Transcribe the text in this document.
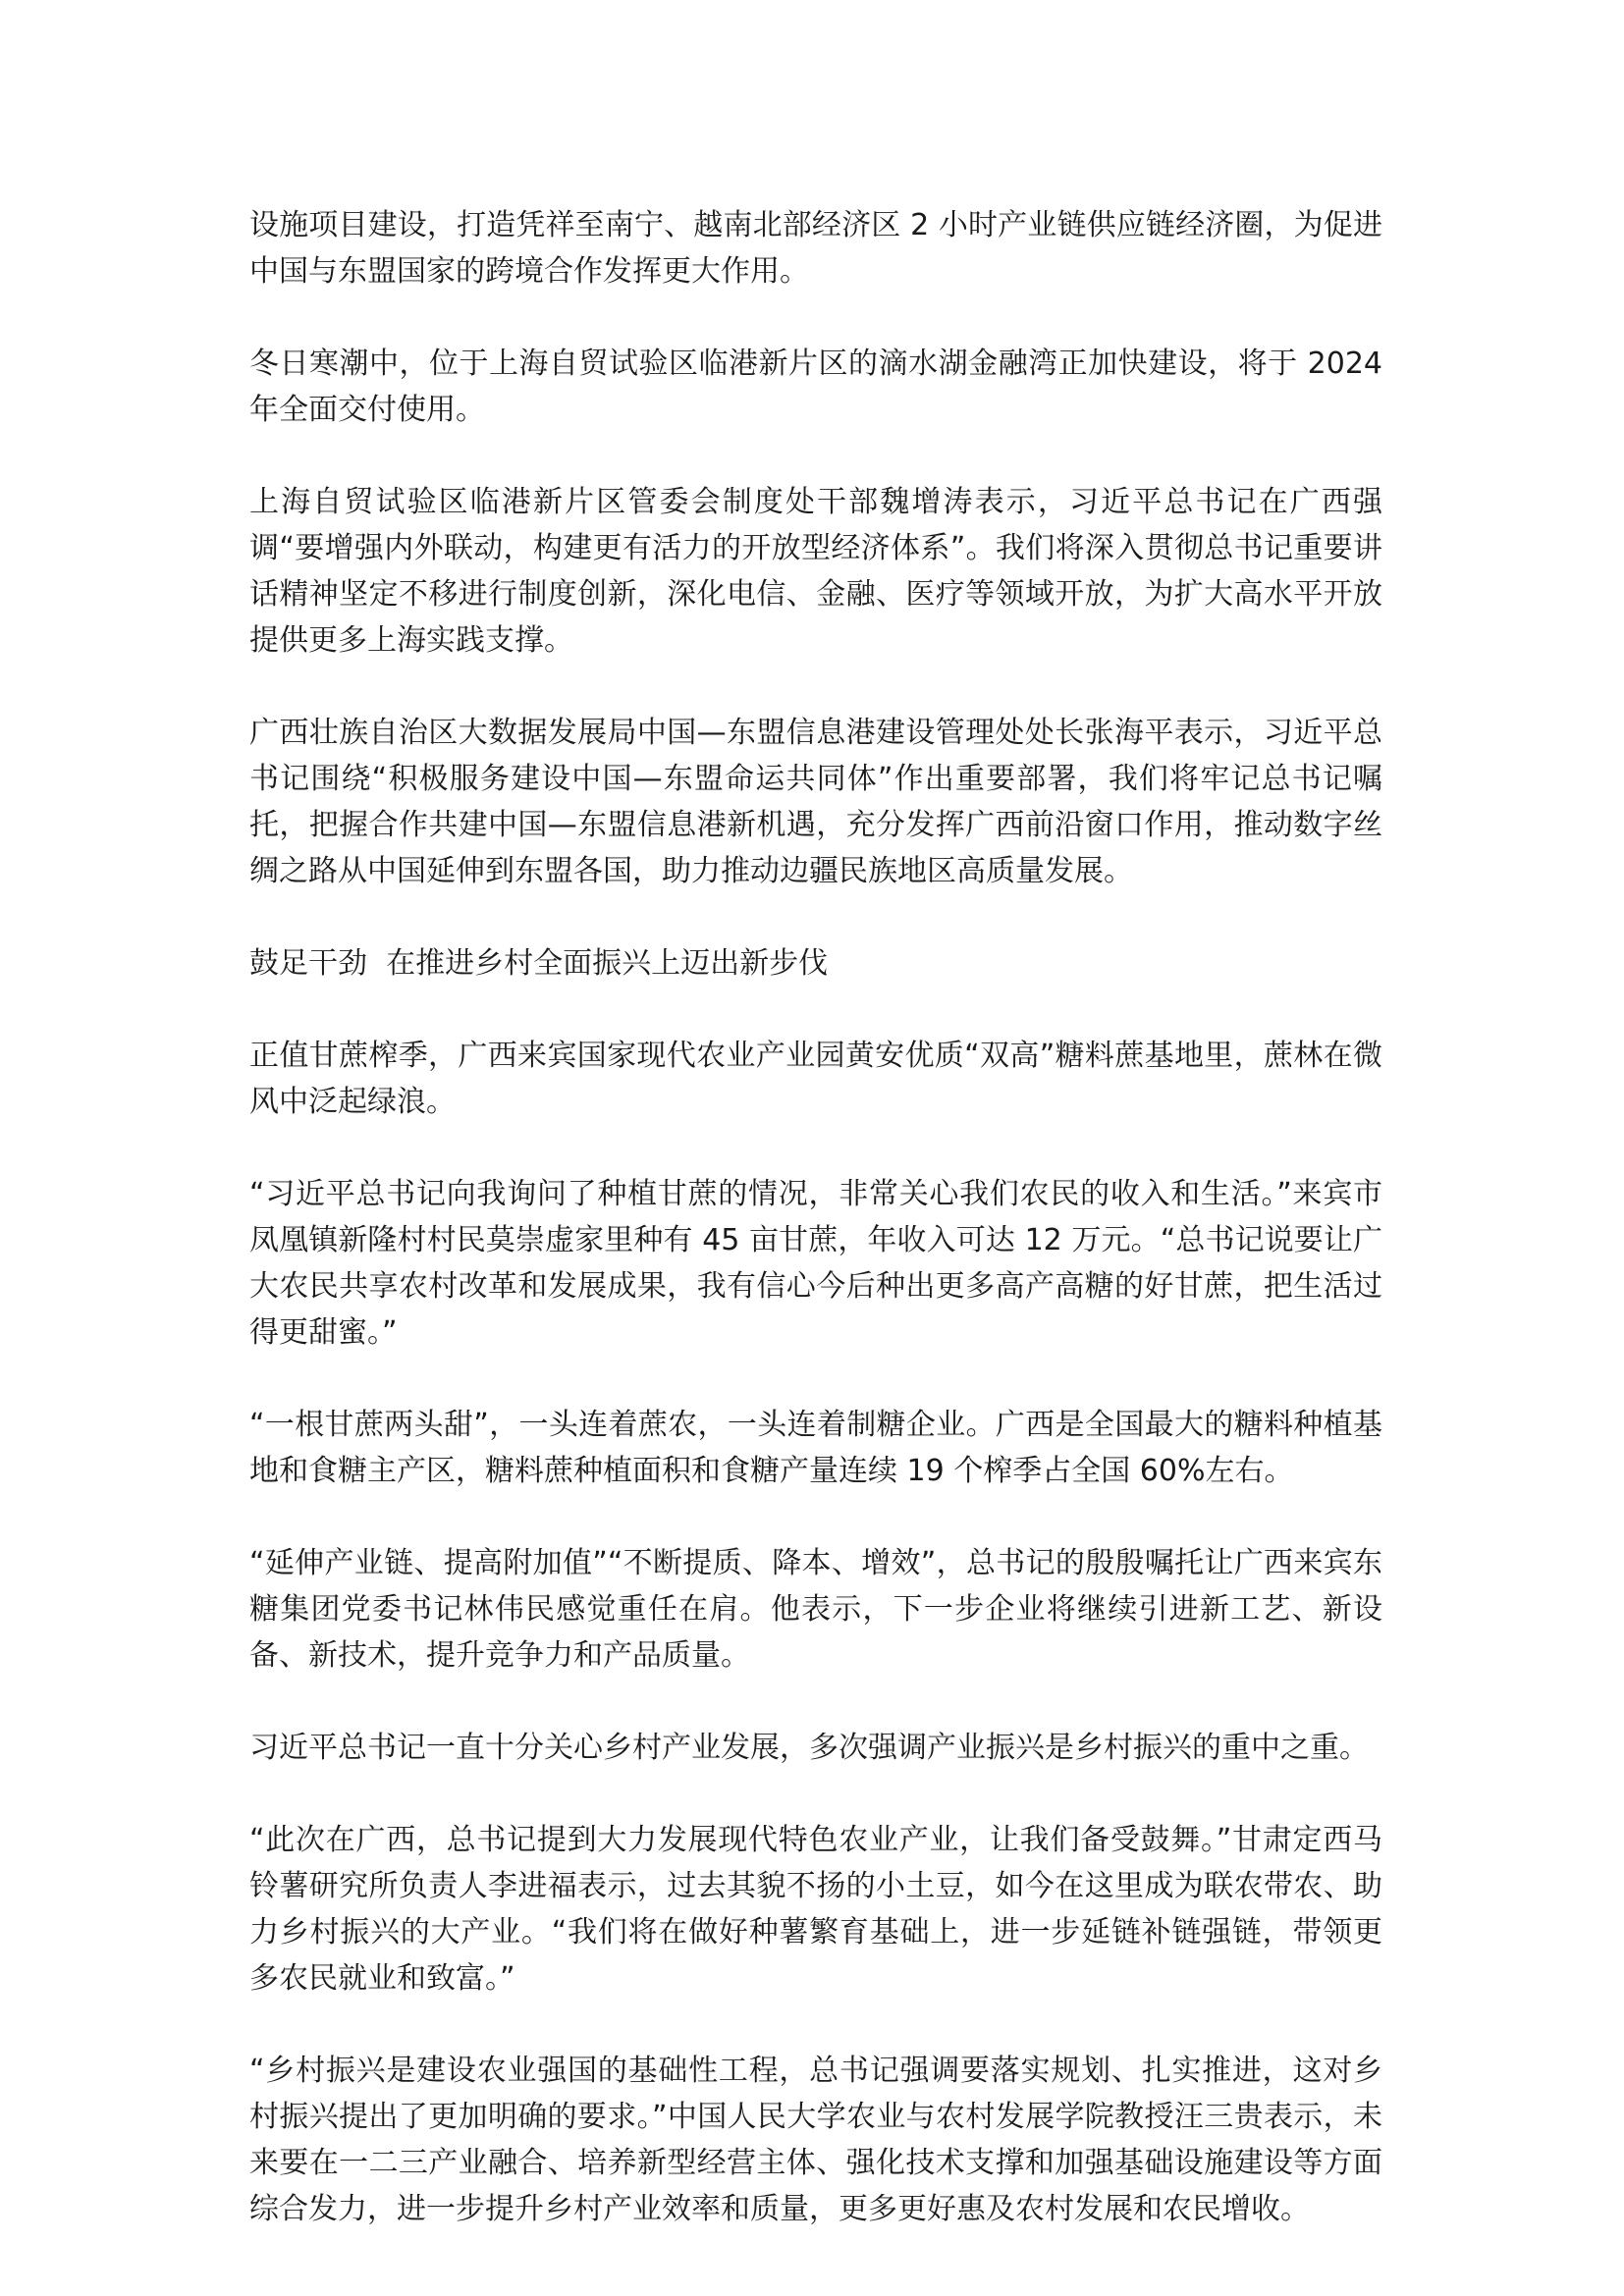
设施项目建设，打造凭祥至南宁、越南北部经济区 2 小时产业链供应链经济圈，为促进中国与东盟国家的跨境合作发挥更大作用。

冬日寒潮中，位于上海自贸试验区临港新片区的滴水湖金融湾正加快建设，将于 2024 年全面交付使用。

上海自贸试验区临港新片区管委会制度处干部魏增涛表示，习近平总书记在广西强调“要增强内外联动，构建更有活力的开放型经济体系”。我们将深入贯彻总书记重要讲话精神坚定不移进行制度创新，深化电信、金融、医疗等领域开放，为扩大高水平开放提供更多上海实践支撑。

广西壮族自治区大数据发展局中国—东盟信息港建设管理处处长张海平表示，习近平总书记围绕“积极服务建设中国—东盟命运共同体”作出重要部署，我们将牢记总书记嘱托，把握合作共建中国—东盟信息港新机遇，充分发挥广西前沿窗口作用，推动数字丝绸之路从中国延伸到东盟各国，助力推动边疆民族地区高质量发展。

鼓足干劲  在推进乡村全面振兴上迈出新步伐

正值甘蔗榨季，广西来宾国家现代农业产业园黄安优质“双高”糖料蔗基地里，蔗林在微风中泛起绿浪。

“习近平总书记向我询问了种植甘蔗的情况，非常关心我们农民的收入和生活。”来宾市凤凰镇新隆村村民莫崇虚家里种有 45 亩甘蔗，年收入可达 12 万元。“总书记说要让广大农民共享农村改革和发展成果，我有信心今后种出更多高产高糖的好甘蔗，把生活过得更甜蜜。”

“一根甘蔗两头甜”，一头连着蔗农，一头连着制糖企业。广西是全国最大的糖料种植基地和食糖主产区，糖料蔗种植面积和食糖产量连续 19 个榨季占全国 60%左右。

“延伸产业链、提高附加值”“不断提质、降本、增效”，总书记的殷殷嘱托让广西来宾东糖集团党委书记林伟民感觉重任在肩。他表示，下一步企业将继续引进新工艺、新设备、新技术，提升竞争力和产品质量。

习近平总书记一直十分关心乡村产业发展，多次强调产业振兴是乡村振兴的重中之重。

“此次在广西，总书记提到大力发展现代特色农业产业，让我们备受鼓舞。”甘肃定西马铃薯研究所负责人李进福表示，过去其貌不扬的小土豆，如今在这里成为联农带农、助力乡村振兴的大产业。“我们将在做好种薯繁育基础上，进一步延链补链强链，带领更多农民就业和致富。”

“乡村振兴是建设农业强国的基础性工程，总书记强调要落实规划、扎实推进，这对乡村振兴提出了更加明确的要求。”中国人民大学农业与农村发展学院教授汪三贵表示，未来要在一二三产业融合、培养新型经营主体、强化技术支撑和加强基础设施建设等方面综合发力，进一步提升乡村产业效率和质量，更多更好惠及农村发展和农民增收。
